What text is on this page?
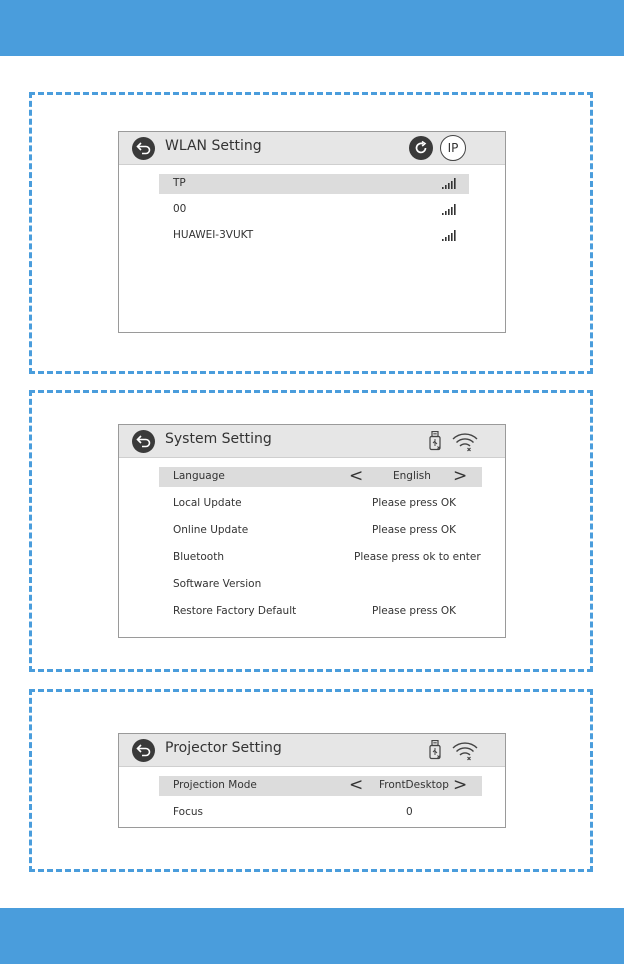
WLAN Setting	IP
TP
00
HUAWEI-3VUKT
System Setting
Language	<	English >
Local Update	Please press OK
Online Update	Please press OK
Bluetooth	Please press ok to enter
Software Version
Restore Factory Default	Please press OK
Projector Setting
Projection Mode	< FrontDesktop >
Focus	0
